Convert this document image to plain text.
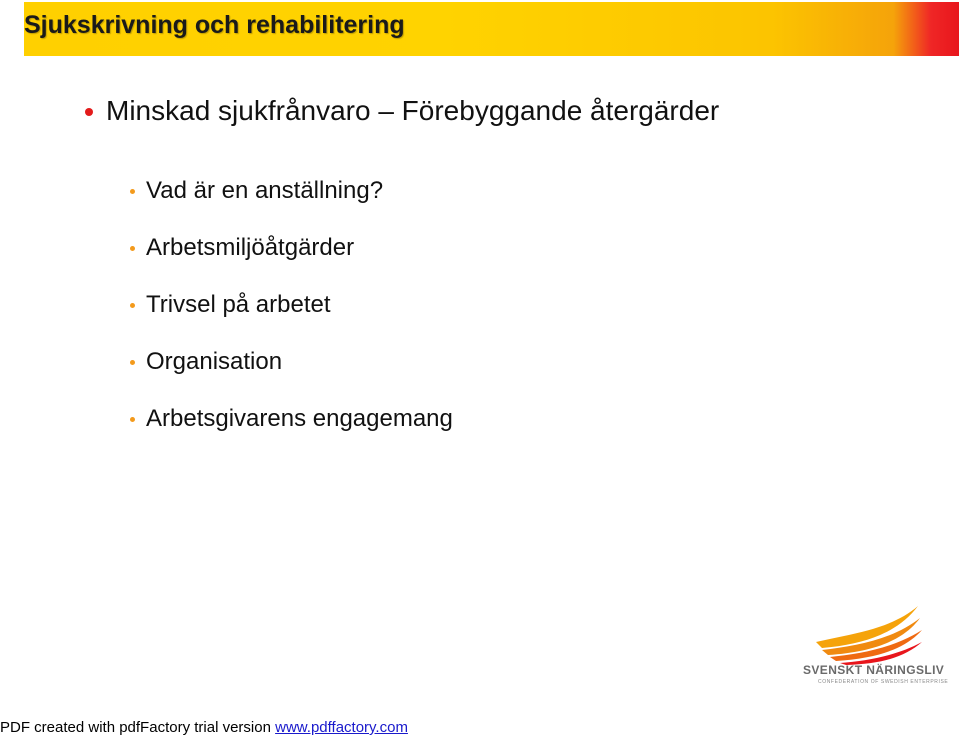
Sjukskrivning och rehabilitering
Minskad sjukfrånvaro – Förebyggande återgärder
Vad är en anställning?
Arbetsmiljöåtgärder
Trivsel på arbetet
Organisation
Arbetsgivarens engagemang
SVENSKT NÄRINGSLIV
CONFEDERATION OF SWEDISH ENTERPRISE
PDF created with pdfFactory trial version www.pdffactory.com
